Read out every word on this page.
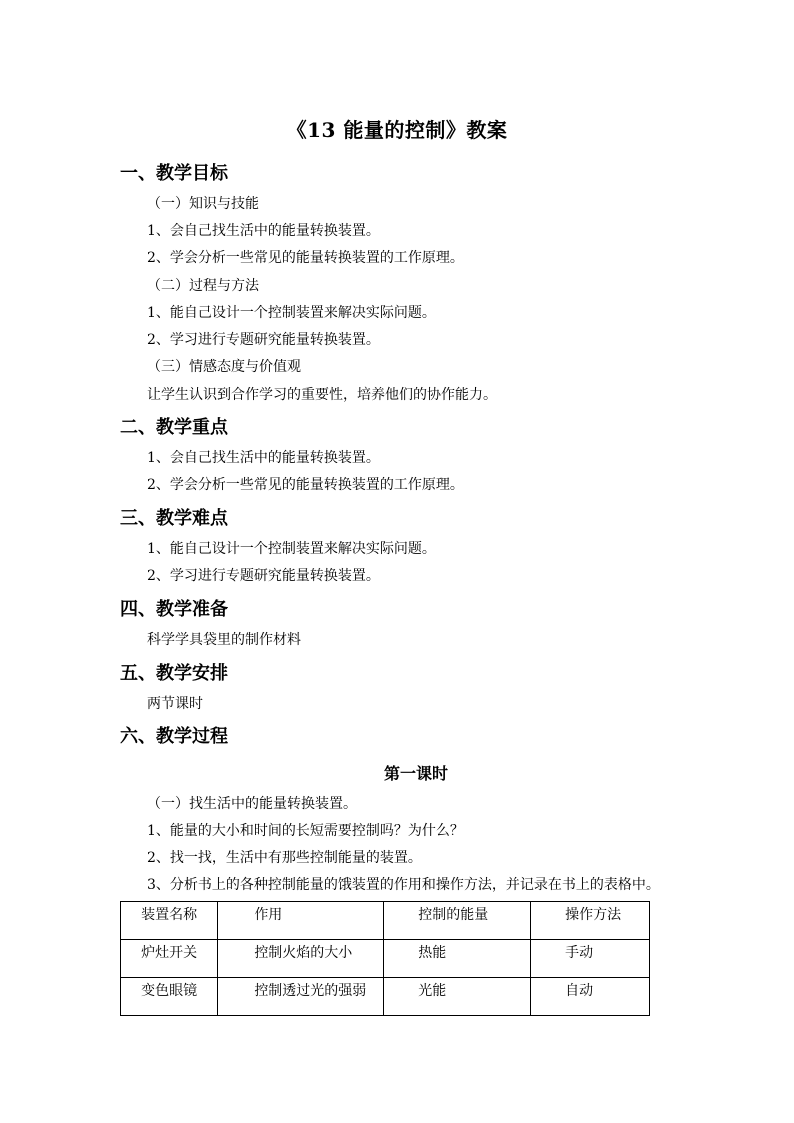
《13 能量的控制》教案
一、教学目标
（一）知识与技能
1、会自己找生活中的能量转换装置。
2、学会分析一些常见的能量转换装置的工作原理。
（二）过程与方法
1、能自己设计一个控制装置来解决实际问题。
2、学习进行专题研究能量转换装置。
（三）情感态度与价值观
让学生认识到合作学习的重要性，培养他们的协作能力。
二、教学重点
1、会自己找生活中的能量转换装置。
2、学会分析一些常见的能量转换装置的工作原理。
三、教学难点
1、能自己设计一个控制装置来解决实际问题。
2、学习进行专题研究能量转换装置。
四、教学准备
科学学具袋里的制作材料
五、教学安排
两节课时
六、教学过程
第一课时
（一）找生活中的能量转换装置。
1、能量的大小和时间的长短需要控制吗？为什么？
2、找一找，生活中有那些控制能量的装置。
3、分析书上的各种控制能量的饿装置的作用和操作方法，并记录在书上的表格中。
装置名称	作用	控制的能量	操作方法
炉灶开关	控制火焰的大小	热能	手动
变色眼镜	控制透过光的强弱	光能	自动
